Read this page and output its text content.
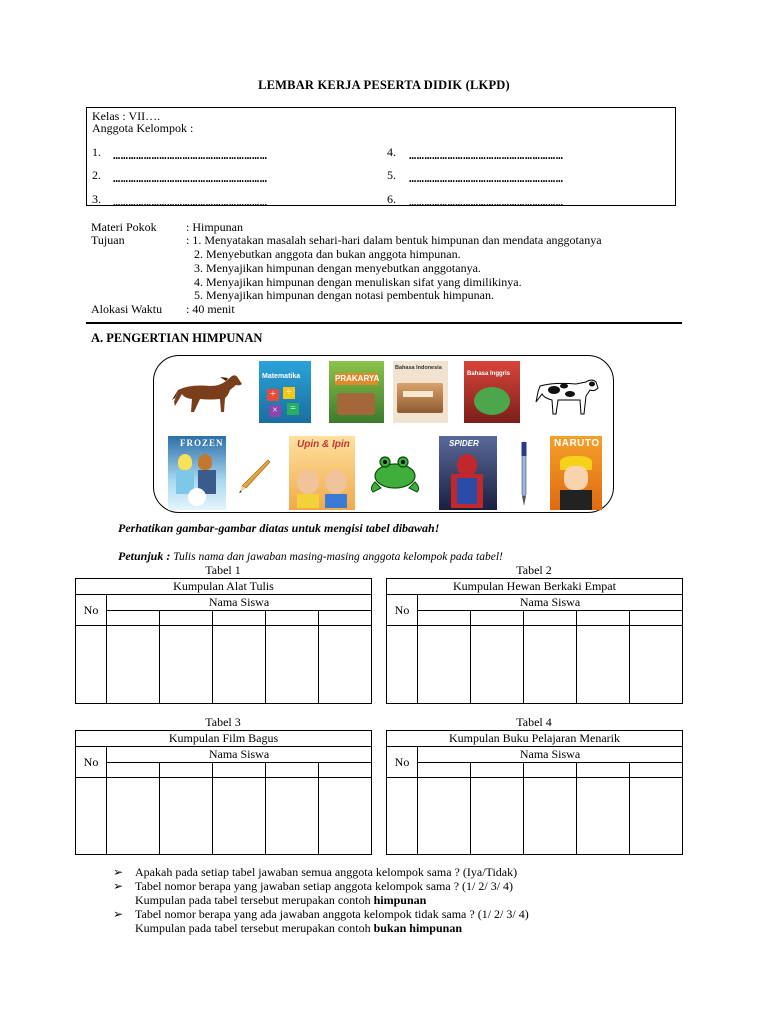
LEMBAR KERJA PESERTA DIDIK (LKPD)
Kelas : VII….
Anggota Kelompok :
1. ……………………………………………………
2. ……………………………………………………
3. ……………………………………………………
4. ……………………………………………………
5. ……………………………………………………
6. ……………………………………………………
Materi Pokok : Himpunan
Tujuan	: 1. Menyatakan masalah sehari-hari dalam bentuk himpunan dan mendata anggotanya
2. Menyebutkan anggota dan bukan anggota himpunan.
3. Menyajikan himpunan dengan menyebutkan anggotanya.
4. Menyajikan himpunan dengan menuliskan sifat yang dimilikinya.
5. Menyajikan himpunan dengan notasi pembentuk himpunan.
Alokasi Waktu : 40 menit
A. PENGERTIAN HIMPUNAN
Matematika
+	÷
×	=
PRAKARYA
Bahasa Indonesia
Bahasa Inggris
FROZEN	Upin & Ipin	SPIDER	NARUTO
Perhatikan gambar-gambar diatas untuk mengisi tabel dibawah!
Petunjuk : Tulis nama dan jawaban masing-masing anggota kelompok pada tabel!
Tabel 1	Tabel 2
Tabel 3	Tabel 4
Kumpulan Alat Tulis					
No	Nama Siswa				

Kumpulan Hewan Berkaki Empat					
No	Nama Siswa				

Kumpulan Film Bagus					
No	Nama Siswa				

Kumpulan Buku Pelajaran Menarik					
No	Nama Siswa				

➢ Apakah pada setiap tabel jawaban semua anggota kelompok sama ? (Iya/Tidak)
➢ Tabel nomor berapa yang jawaban setiap anggota kelompok sama ? (1/ 2/ 3/ 4)
Kumpulan pada tabel tersebut merupakan contoh himpunan
➢ Tabel nomor berapa yang ada jawaban anggota kelompok tidak sama ? (1/ 2/ 3/ 4)
Kumpulan pada tabel tersebut merupakan contoh bukan himpunan
